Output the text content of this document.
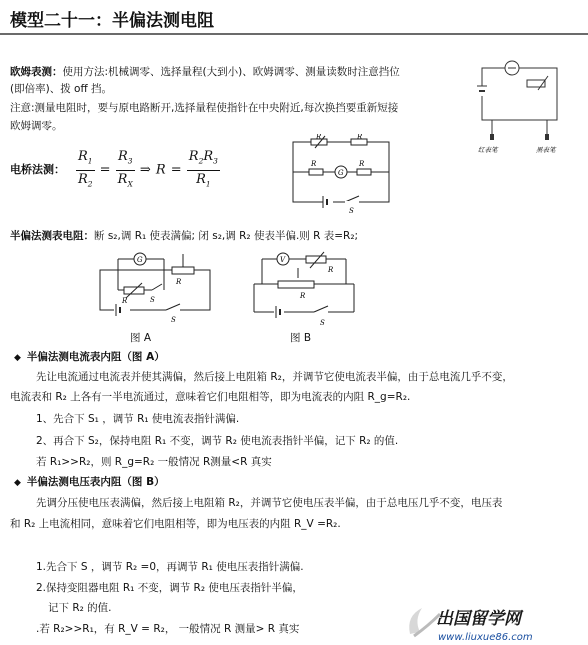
模型二十一：半偏法测电阻
欧姆表测：使用方法:机械调零、选择量程(大到小)、欧姆调零、测量读数时注意挡位
(即倍率)、拨 off 挡。
注意:测量电阻时，要与原电路断开,选择量程使指针在中央附近,每次换挡要重新短接
欧姆调零。
红表笔	黑表笔
电桥法测： $\frac{R_1}{R_2} = \frac{R_3}{R_X}$ ⇒ $R = \frac{R_2R_3}{R_1}$
R	R
G
R	R
S
半偏法测表电阻：断 s₂,调 R₁ 使表满偏; 闭 s₂,调 R₂ 使表半偏.则 R 表=R₂;
G
R
R	S
S
图 A
V
R
R
S
图 B
◆ 半偏法测电流表内阻（图 A）
先让电流通过电流表并使其满偏，然后接上电阻箱 R₂，并调节它使电流表半偏，由于总电流几乎不变，
电流表和 R₂ 上各有一半电流通过，意味着它们电阻相等，即为电流表的内阻 R_g=R₂.
1、先合下 S₁ ，调节 R₁ 使电流表指针满偏.
2、再合下 S₂，保持电阻 R₁ 不变，调节 R₂ 使电流表指针半偏，记下 R₂ 的值.
若 R₁>>R₂，则 R_g=R₂ 一般情况 R测量<R 真实
◆ 半偏法测电压表内阻（图 B）
先调分压使电压表满偏，然后接上电阻箱 R₂，并调节它使电压表半偏，由于总电压几乎不变，电压表
和 R₂ 上电流相同，意味着它们电阻相等，即为电压表的内阻 R_V =R₂.
1.先合下 S ，调节 R₂ =0，再调节 R₁ 使电压表指针满偏.
2.保持变阻器电阻 R₁ 不变，调节 R₂ 使电压表指针半偏，
记下 R₂ 的值.
.若 R₂>>R₁，有 R_V = R₂， 一般情况 R 测量> R 真实	出国留学网
www.liuxue86.com
